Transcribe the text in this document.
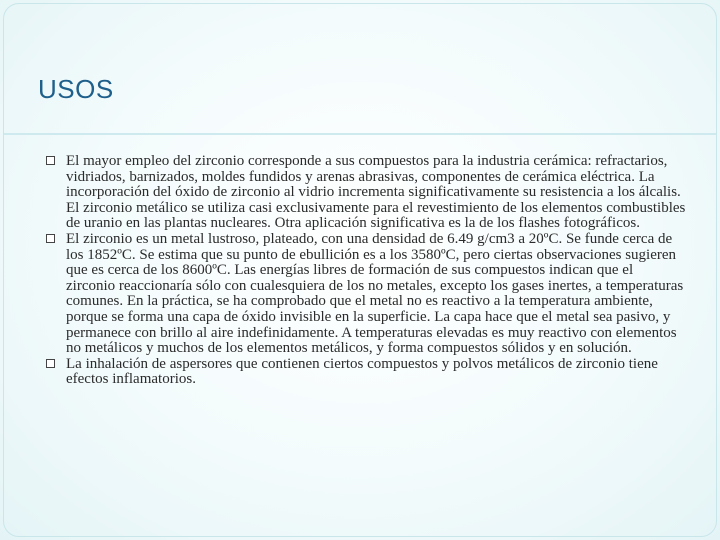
USOS
El mayor empleo del zirconio corresponde a sus compuestos para la industria cerámica: refractarios, vidriados, barnizados, moldes fundidos y arenas abrasivas, componentes de cerámica eléctrica. La incorporación del óxido de zirconio al vidrio incrementa significativamente su resistencia a los álcalis. El zirconio metálico se utiliza casi exclusivamente para el revestimiento de los elementos combustibles de uranio en las plantas nucleares. Otra aplicación significativa es la de los flashes fotográficos.
El zirconio es un metal lustroso, plateado, con una densidad de 6.49 g/cm3 a 20ºC. Se funde cerca de los 1852ºC. Se estima que su punto de ebullición es a los 3580ºC, pero ciertas observaciones sugieren que es cerca de los 8600ºC. Las energías libres de formación de sus compuestos indican que el zirconio reaccionaría sólo con cualesquiera de los no metales, excepto los gases inertes, a temperaturas comunes. En la práctica, se ha comprobado que el metal no es reactivo a la temperatura ambiente, porque se forma una capa de óxido invisible en la superficie. La capa hace que el metal sea pasivo, y permanece con brillo al aire indefinidamente. A temperaturas elevadas es muy reactivo con elementos no metálicos y muchos de los elementos metálicos, y forma compuestos sólidos y en solución.
La inhalación de aspersores que contienen ciertos compuestos y polvos metálicos de zirconio tiene efectos inflamatorios.
